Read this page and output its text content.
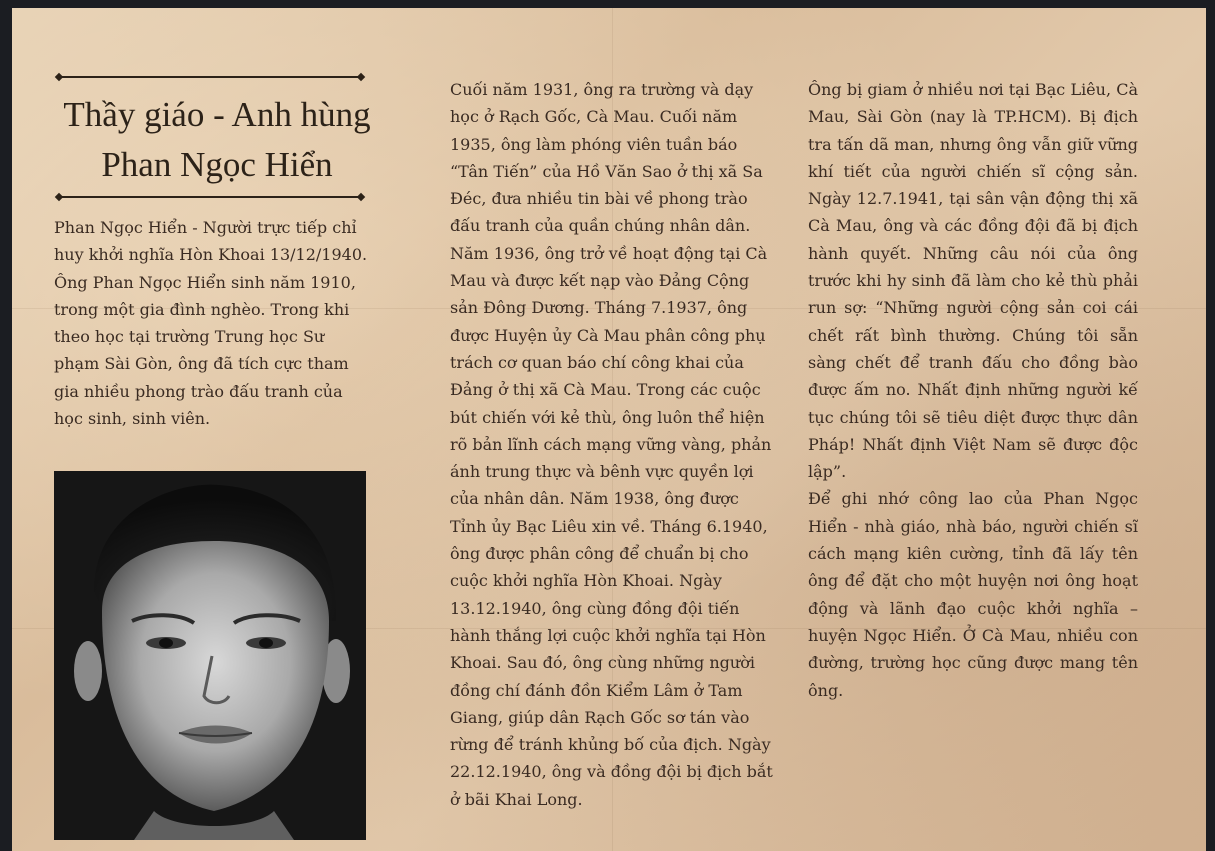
Thầy giáo - Anh hùng
Phan Ngọc Hiển

Phan Ngọc Hiển - Người trực tiếp chỉ huy khởi nghĩa Hòn Khoai 13/12/1940.

Ông Phan Ngọc Hiển sinh năm 1910, trong một gia đình nghèo. Trong khi theo học tại trường Trung học Sư phạm Sài Gòn, ông đã tích cực tham gia nhiều phong trào đấu tranh của học sinh, sinh viên.

Cuối năm 1931, ông ra trường và dạy học ở Rạch Gốc, Cà Mau. Cuối năm 1935, ông làm phóng viên tuần báo “Tân Tiến” của Hồ Văn Sao ở thị xã Sa Đéc, đưa nhiều tin bài về phong trào đấu tranh của quần chúng nhân dân. Năm 1936, ông trở về hoạt động tại Cà Mau và được kết nạp vào Đảng Cộng sản Đông Dương. Tháng 7.1937, ông được Huyện ủy Cà Mau phân công phụ trách cơ quan báo chí công khai của Đảng ở thị xã Cà Mau. Trong các cuộc bút chiến với kẻ thù, ông luôn thể hiện rõ bản lĩnh cách mạng vững vàng, phản ánh trung thực và bênh vực quyền lợi của nhân dân. Năm 1938, ông được Tỉnh ủy Bạc Liêu xin về. Tháng 6.1940, ông được phân công để chuẩn bị cho cuộc khởi nghĩa Hòn Khoai. Ngày 13.12.1940, ông cùng đồng đội tiến hành thắng lợi cuộc khởi nghĩa tại Hòn Khoai. Sau đó, ông cùng những người đồng chí đánh đồn Kiểm Lâm ở Tam Giang, giúp dân Rạch Gốc sơ tán vào rừng để tránh khủng bố của địch. Ngày 22.12.1940, ông và đồng đội bị địch bắt ở bãi Khai Long.

Ông bị giam ở nhiều nơi tại Bạc Liêu, Cà Mau, Sài Gòn (nay là TP.HCM). Bị địch tra tấn dã man, nhưng ông vẫn giữ vững khí tiết của người chiến sĩ cộng sản. Ngày 12.7.1941, tại sân vận động thị xã Cà Mau, ông và các đồng đội đã bị địch hành quyết. Những câu nói của ông trước khi hy sinh đã làm cho kẻ thù phải run sợ: “Những người cộng sản coi cái chết rất bình thường. Chúng tôi sẵn sàng chết để tranh đấu cho đồng bào được ấm no. Nhất định những người kế tục chúng tôi sẽ tiêu diệt được thực dân Pháp! Nhất định Việt Nam sẽ được độc lập”.

Để ghi nhớ công lao của Phan Ngọc Hiển - nhà giáo, nhà báo, người chiến sĩ cách mạng kiên cường, tỉnh đã lấy tên ông để đặt cho một huyện nơi ông hoạt động và lãnh đạo cuộc khởi nghĩa – huyện Ngọc Hiển. Ở Cà Mau, nhiều con đường, trường học cũng được mang tên ông.
